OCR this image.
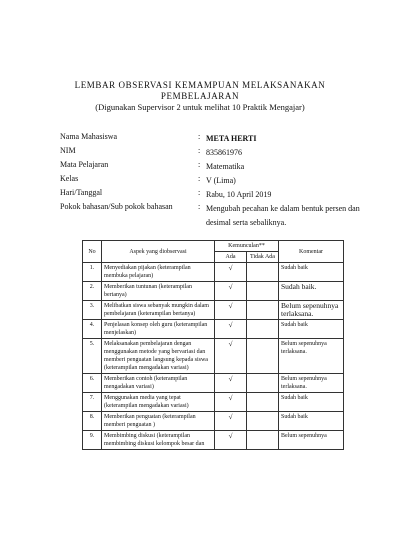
LEMBAR OBSERVASI KEMAMPUAN MELAKSANAKAN
PEMBELAJARAN
(Digunakan Supervisor 2 untuk melihat 10 Praktik Mengajar)
Nama Mahasiswa	: META HERTI
NIM	: 835861976
Mata Pelajaran	: Matematika
Kelas	: V (Lima)
Hari/Tanggal	: Rabu, 10 April 2019
Pokok bahasan/Sub pokok bahasan	: Mengubah pecahan ke dalam bentuk persen dan desimal serta sebaliknya.
No	Aspek yang diobservasi	Kemunculan**		Komentar
		Ada	Tidak Ada	
1.	Menyediakan pijakan (keterampilan membuka pelajaran)	√		Sudah baik
2.	Memberikan tuntunan (keterampilan bertanya)	√		Sudah baik.
3.	Melibatkan siswa sebanyak mungkin dalam pembelajaran (keterampilan bertanya)	√		Belum sepenuhnya terlaksana.
4.	Penjelasan konsep oleh guru (keterampilan menjelaskan)	√		Sudah baik
5.	Melaksanakan pembelajaran dengan menggunakan metode yang bervariasi dan memberi penguatan langsung kepada siswa (keterampilan mengadakan variasi)	√		Belum sepenuhnya terlaksana.
6.	Memberikan contoh (keterampilan mengadakan variasi)	√		Belum sepenuhnya terlaksana.
7.	Menggunakan media yang tepat (keterampilan mengadakan variasi)	√		Sudah baik
8.	Memberikan penguatan (keterampilan memberi penguatan )	√		Sudah baik
9.	Membimbing diskusi (keterampilan membimbing diskusi kelompok besar dan	√		Belum sepenuhnya
